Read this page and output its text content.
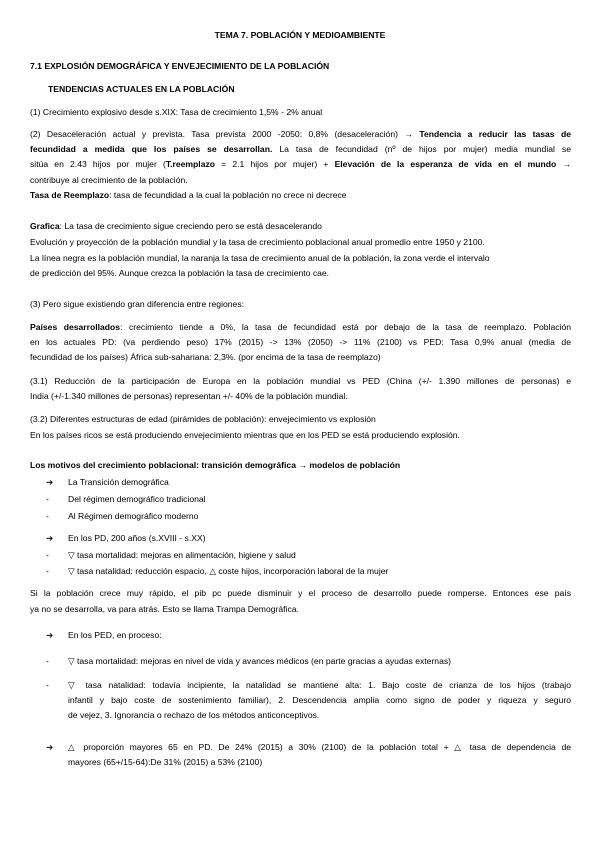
TEMA 7. POBLACIÓN Y MEDIOAMBIENTE
7.1 EXPLOSIÓN DEMOGRÁFICA Y ENVEJECIMIENTO DE LA POBLACIÓN
TENDENCIAS ACTUALES EN LA POBLACIÓN
(1) Crecimiento explosivo desde s.XIX: Tasa de crecimiento 1,5% - 2% anual
(2) Desaceleración actual y prevista. Tasa prevista 2000 -2050: 0,8% (desaceleración) → Tendencia a reducir las tasas de
fecundidad a medida que los países se desarrollan. La tasa de fecundidad (nº de hijos por mujer) media mundial se
sitúa en 2.43 hijos por mujer (T.reemplazo = 2.1 hijos por mujer) + Elevación de la esperanza de vida en el mundo →
contribuye al crecimiento de la población.
Tasa de Reemplazo: tasa de fecundidad a la cual la población no crece ni decrece
Grafica: La tasa de crecimiento sigue creciendo pero se está desacelerando
Evolución y proyección de la población mundial y la tasa de crecimiento poblacional anual promedio entre 1950 y 2100.
La línea negra es la población mundial, la naranja la tasa de crecimiento anual de la población, la zona verde el intervalo
de predicción del 95%. Aunque crezca la población la tasa de crecimiento cae.
(3) Pero sigue existiendo gran diferencia entre regiones:
Países desarrollados: crecimiento tiende a 0%, la tasa de fecundidad está por debajo de la tasa de reemplazo. Población
en los actuales PD: (va perdiendo peso) 17% (2015) -> 13% (2050) -> 11% (2100) vs PED: Tasa 0,9% anual (media de
fecundidad de los países) África sub-sahariana: 2,3%. (por encima de la tasa de reemplazo)
(3.1) Reducción de la participación de Europa en la población mundial vs PED (China (+/- 1.390 millones de personas) e
India (+/-1.340 millones de personas) representan +/- 40% de la población mundial.
(3.2) Diferentes estructuras de edad (pirámides de población): envejecimiento vs explosión
En los países ricos se está produciendo envejecimiento mientras que en los PED se está produciendo explosión.
Los motivos del crecimiento poblacional: transición demográfica → modelos de población
➔ La Transición demográfica
- Del régimen demográfico tradicional
- Al Régimen demográfico moderno
➔ En los PD, 200 años (s.XVIII - s.XX)
- ▽ tasa mortalidad: mejoras en alimentación, higiene y salud
- ▽ tasa natalidad: reducción espacio, △ coste hijos, incorporación laboral de la mujer
Si la población crece muy rápido, el pib pc puede disminuir y el proceso de desarrollo puede romperse. Entonces ese país
ya no se desarrolla, va para atrás. Esto se llama Trampa Demográfica.
➔ En los PED, en proceso:
- ▽ tasa mortalidad: mejoras en nivel de vida y avances médicos (en parte gracias a ayudas externas)
-	▽ tasa natalidad: todavía incipiente, la natalidad se mantiene alta: 1. Bajo coste de crianza de los hijos (trabajo
infantil y bajo coste de sostenimiento familiar), 2. Descendencia amplia como signo de poder y riqueza y seguro
de vejez, 3. Ignorancia o rechazo de los métodos anticonceptivos.
➔	△ proporción mayores 65 en PD. De 24% (2015) a 30% (2100) de la población total + △ tasa de dependencia de
mayores (65+/15-64):De 31% (2015) a 53% (2100)
